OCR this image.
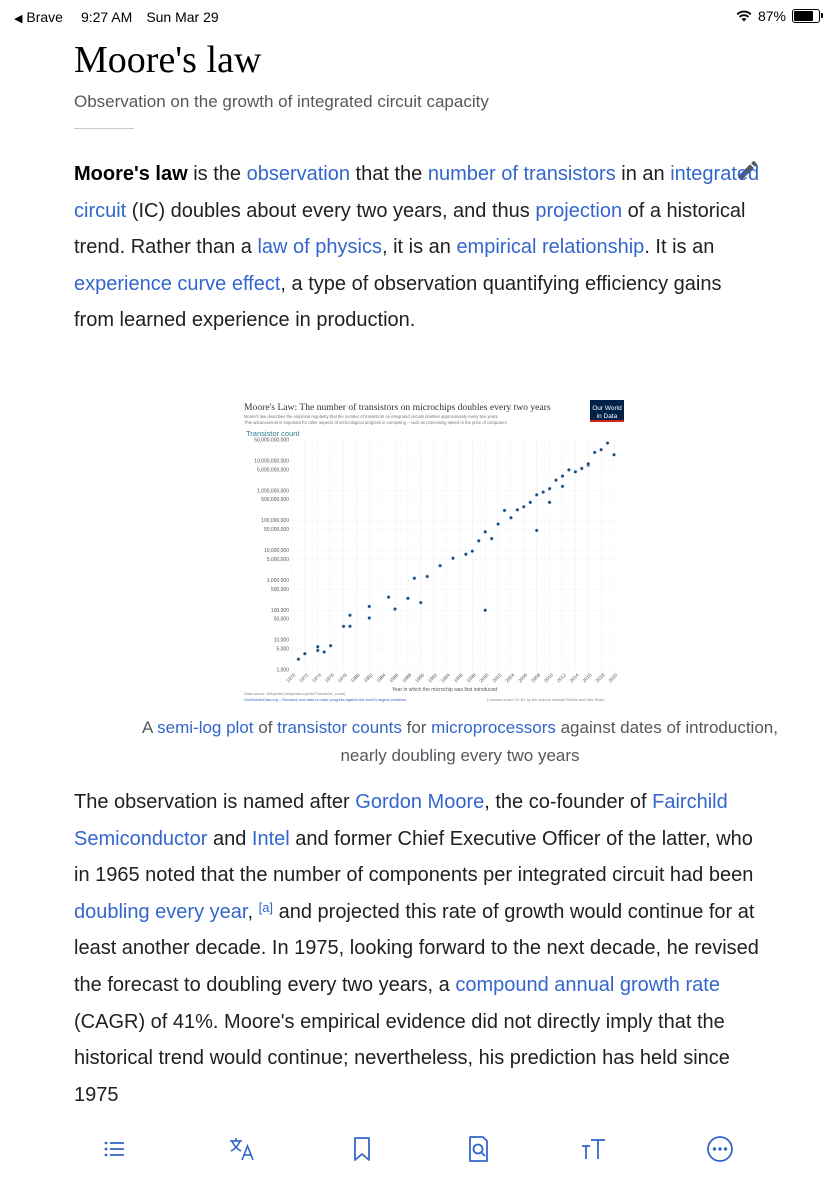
◀ Brave 9:27 AM Sun Mar 29	87%
Moore's law
Observation on the growth of integrated circuit capacity
Moore's law is the observation that the number of transistors in an integrated circuit (IC) doubles about every two years, and thus projection of a historical trend. Rather than a law of physics, it is an empirical relationship. It is an experience curve effect, a type of observation quantifying efficiency gains from learned experience in production.
Moore's Law: The number of transistors on microchips doubles every two years
Moore's law describes the empirical regularity that the number of transistors on integrated circuits doubles approximately every two years.
This advancement is important for other aspects of technological progress in computing – such as processing speed or the price of computers.
Our World
in Data
Transistor count
1,000
5,000
10,000
50,000
100,000
500,000
1,000,000
5,000,000
10,000,000
50,000,000
100,000,000
500,000,000
1,000,000,000
5,000,000,000
10,000,000,000
50,000,000,000
1970 1972 1974 1976 1978 1980 1982 1984 1986 1988 1990 1992 1994 1996 1998 2000 2002 2004 2006 2008 2010 2012 2014 2016 2018 2020
Year in which the microchip was first introduced
Data source: Wikipedia (wikipedia.org/wiki/Transistor_count)
OurWorldInData.org – Research and data to make progress against the world's largest problems.	Licensed under CC-BY by the authors Hannah Ritchie and Max Roser.
A semi-log plot of transistor counts for microprocessors against dates of introduction, nearly doubling every two years
The observation is named after Gordon Moore, the co-founder of Fairchild Semiconductor and Intel and former Chief Executive Officer of the latter, who in 1965 noted that the number of components per integrated circuit had been doubling every year, [a] and projected this rate of growth would continue for at least another decade. In 1975, looking forward to the next decade, he revised the forecast to doubling every two years, a compound annual growth rate (CAGR) of 41%. Moore's empirical evidence did not directly imply that the historical trend would continue; nevertheless, his prediction has held since 1975
